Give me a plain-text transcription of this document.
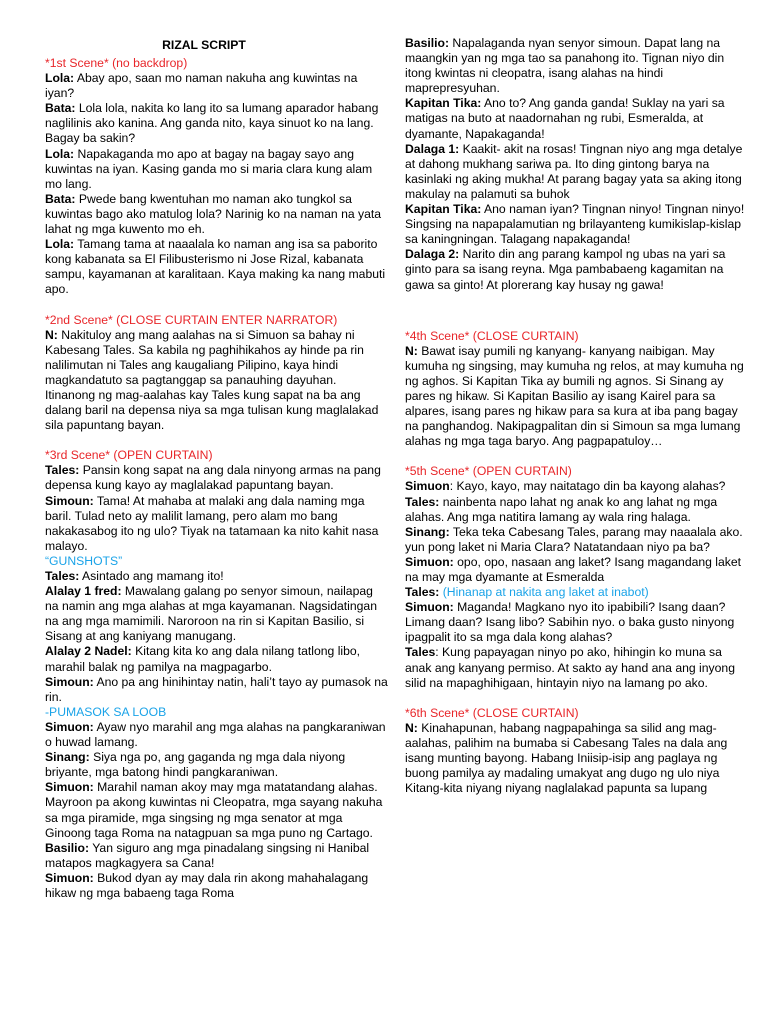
RIZAL SCRIPT
*1st Scene* (no backdrop)
Lola: Abay apo, saan mo naman nakuha ang kuwintas na iyan?
Bata: Lola lola, nakita ko lang ito sa lumang aparador habang naglilinis ako kanina. Ang ganda nito, kaya sinuot ko na lang. Bagay ba sakin?
Lola: Napakaganda mo apo at bagay na bagay sayo ang kuwintas na iyan. Kasing ganda mo si maria clara kung alam mo lang.
Bata: Pwede bang kwentuhan mo naman ako tungkol sa kuwintas bago ako matulog lola? Narinig ko na naman na yata lahat ng mga kuwento mo eh.
Lola: Tamang tama at naaalala ko naman ang isa sa paborito kong kabanata sa El Filibusterismo ni Jose Rizal, kabanata sampu, kayamanan at karalitaan. Kaya making ka nang mabuti apo.
*2nd Scene* (CLOSE CURTAIN ENTER NARRATOR)
N: Nakituloy ang mang aalahas na si Simuon sa bahay ni Kabesang Tales. Sa kabila ng paghihikahos ay hinde pa rin nalilimutan ni Tales ang kaugaliang Pilipino, kaya hindi magkandatuto sa pagtanggap sa panauhing dayuhan. Itinanong ng mag-aalahas kay Tales kung sapat na ba ang dalang baril na depensa niya sa mga tulisan kung maglalakad sila papuntang bayan.
*3rd Scene* (OPEN CURTAIN)
Tales: Pansin kong sapat na ang dala ninyong armas na pang depensa kung kayo ay maglalakad papuntang bayan.
Simoun: Tama! At mahaba at malaki ang dala naming mga baril. Tulad neto ay malilit lamang, pero alam mo bang nakakasabog ito ng ulo? Tiyak na tatamaan ka nito kahit nasa malayo.
“GUNSHOTS”
Tales: Asintado ang mamang ito!
Alalay 1 fred: Mawalang galang po senyor simoun, nailapag na namin ang mga alahas at mga kayamanan. Nagsidatingan na ang mga mamimili. Naroroon na rin si Kapitan Basilio, si Sisang at ang kaniyang manugang.
Alalay 2 Nadel: Kitang kita ko ang dala nilang tatlong libo, marahil balak ng pamilya na magpagarbo.
Simoun: Ano pa ang hinihintay natin, hali’t tayo ay pumasok na rin.
-PUMASOK SA LOOB
Simuon: Ayaw nyo marahil ang mga alahas na pangkaraniwan o huwad lamang.
Sinang: Siya nga po, ang gaganda ng mga dala niyong briyante, mga batong hindi pangkaraniwan.
Simuon: Marahil naman akoy may mga matatandang alahas. Mayroon pa akong kuwintas ni Cleopatra, mga sayang nakuha sa mga piramide, mga singsing ng mga senator at mga Ginoong taga Roma na natagpuan sa mga puno ng Cartago.
Basilio: Yan siguro ang mga pinadalang singsing ni Hanibal matapos magkagyera sa Cana!
Simuon: Bukod dyan ay may dala rin akong mahahalagang hikaw ng mga babaeng taga Roma
Basilio: Napalaganda nyan senyor simoun. Dapat lang na maangkin yan ng mga tao sa panahong ito. Tignan niyo din itong kwintas ni cleopatra, isang alahas na hindi maprepresyuhan.
Kapitan Tika: Ano to? Ang ganda ganda! Suklay na yari sa matigas na buto at naadornahan ng rubi, Esmeralda, at dyamante, Napakaganda!
Dalaga 1: Kaakit- akit na rosas! Tingnan niyo ang mga detalye at dahong mukhang sariwa pa. Ito ding gintong barya na kasinlaki ng aking mukha! At parang bagay yata sa aking itong makulay na palamuti sa buhok
Kapitan Tika: Ano naman iyan? Tingnan ninyo! Tingnan ninyo! Singsing na napapalamutian ng brilayanteng kumikislap-kislap sa kaningningan. Talagang napakaganda!
Dalaga 2: Narito din ang parang kampol ng ubas na yari sa ginto para sa isang reyna. Mga pambabaeng kagamitan na gawa sa ginto! At plorerang kay husay ng gawa!
*4th Scene* (CLOSE CURTAIN)
N: Bawat isay pumili ng kanyang- kanyang naibigan. May kumuha ng singsing, may kumuha ng relos, at may kumuha ng ng aghos. Si Kapitan Tika ay bumili ng agnos. Si Sinang ay pares ng hikaw. Si Kapitan Basilio ay isang Kairel para sa alpares, isang pares ng hikaw para sa kura at iba pang bagay na panghandog. Nakipagpalitan din si Simoun sa mga lumang alahas ng mga taga baryo. Ang pagpapatuloy…
*5th Scene* (OPEN CURTAIN)
Simuon: Kayo, kayo, may naitatago din ba kayong alahas?
Tales: nainbenta napo lahat ng anak ko ang lahat ng mga alahas. Ang mga natitira lamang ay wala ring halaga.
Sinang: Teka teka Cabesang Tales, parang may naaalala ako. yun pong laket ni Maria Clara? Natatandaan niyo pa ba?
Simuon: opo, opo, nasaan ang laket? Isang magandang laket na may mga dyamante at Esmeralda
Tales: (Hinanap at nakita ang laket at inabot)
Simuon: Maganda! Magkano nyo ito ipabibili? Isang daan? Limang daan? Isang libo? Sabihin nyo. o baka gusto ninyong ipagpalit ito sa mga dala kong alahas?
Tales: Kung papayagan ninyo po ako, hihingin ko muna sa anak ang kanyang permiso. At sakto ay hand ana ang inyong silid na mapaghihigaan, hintayin niyo na lamang po ako.
*6th Scene* (CLOSE CURTAIN)
N: Kinahapunan, habang nagpapahinga sa silid ang mag- aalahas, palihim na bumaba si Cabesang Tales na dala ang isang munting bayong. Habang Iniisip-isip ang paglaya ng buong pamilya ay madaling umakyat ang dugo ng ulo niya Kitang-kita niyang niyang naglalakad papunta sa lupang
